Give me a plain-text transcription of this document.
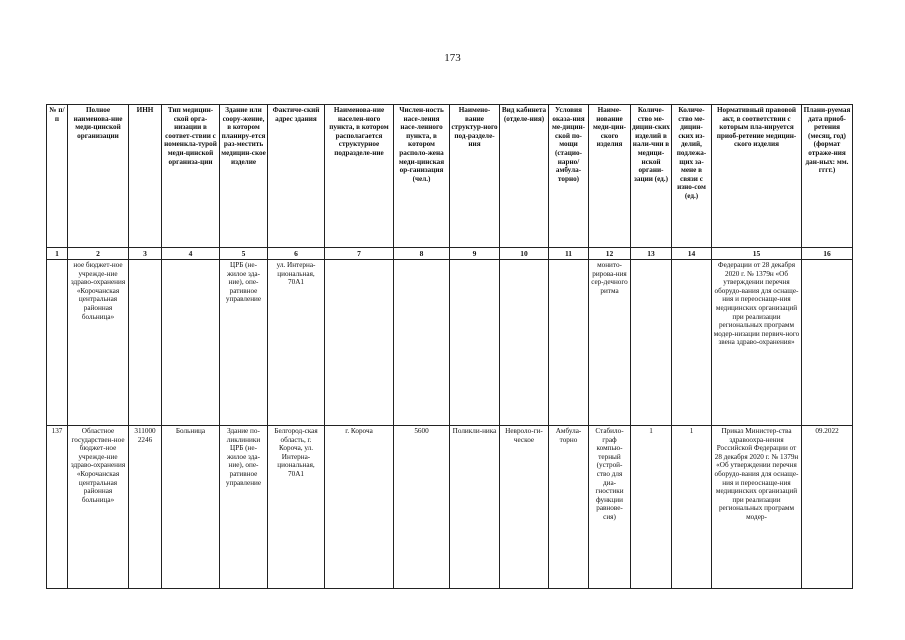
173
№ п/п	Полное наименова-ние меди-цинской организации	ИНН	Тип медицин-ской орга-низации в соответ-ствии с номенкла-турой меди-цинской организа-ции	Здание или соору-жение, в котором планиру-ется раз-местить медицин-ское изделие	Фактиче-ский адрес здания	Наименова-ние населен-ного пункта, в котором располагается структурное подразделе-ние	Числен-ность насе-ления насе-ленного пункта, в котором располо-жена меди-цинская ор-ганизация (чел.)	Наимено-вание структур-ного под-разделе-ния	Вид кабинета (отделе-ния)	Условия оказа-ния ме-дицин-ской по-мощи (стацио-нарно/ амбула-торно)	Наиме-нование меди-цин-ского изделия	Количе-ство ме-дицин-ских изделий в нали-чии в медици-нской органи-зации (ед.)	Количе-ство ме-дицин-ских из-делий, подлежа-щих за-мене в связи с изно-сом (ед.)	Нормативный правовой акт, в соответствии с которым пла-нируется приоб-ретение медицин-ского изделия	Плани-руемая дата приоб-ретения (месяц, год) (формат отраже-ния дан-ных: мм. гггг.)
1	2	3	4	5	6	7	8	9	10	11	12	13	14	15	16
	ное бюджет-ное учрежде-ние здраво-охранения «Корочанская центральная районная больница»			ЦРБ (не-жилое зда-ние), опе-ративное управление	ул. Интерна-циональная, 70А1						монито-рирова-ния сер-дечного ритма			Федерации от 28 декабря 2020 г. № 1379н «Об утверждении перечня оборудо-вания для оснаще-ния и переоснаще-ния медицинских организаций при реализации региональных программ модер-низации первич-ного звена здраво-охранения»	
137	Областное государствен-ное бюджет-ное учрежде-ние здраво-охранения «Корочанская центральная районная больница»	311000 2246	Больница	Здание по-ликлиники ЦРБ (не-жилое зда-ние), опе-ративное управление	Белгород-ская область, г. Короча, ул. Интерна-циональная, 70А1	г. Короча	5600	Поликли-ника	Невроло-ги-ческое	Амбула-торно	Стабило-граф компью-терный (устрой-ство для диа-гностики функции равнове-сия)	1	1	Приказ Министер-ства здравоохра-нения Российской Федерации от 28 декабря 2020 г. № 1379н «Об утверждении перечня оборудо-вания для оснаще-ния и переоснаще-ния медицинских организаций при реализации региональных программ модер-	09.2022
